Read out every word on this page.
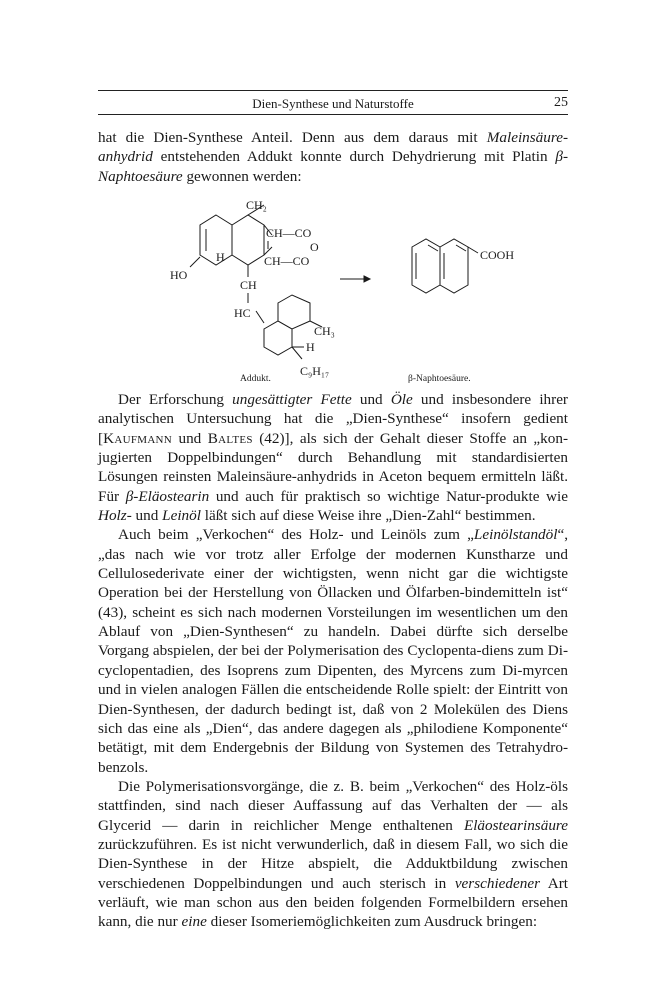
Dien-Synthese und Naturstoffe	25

hat die Dien-Synthese Anteil. Denn aus dem daraus mit Maleinsäure-anhydrid entstehenden Addukt konnte durch Dehydrierung mit Platin β-Naphtoesäure gewonnen werden:

CH₂
CH—CO
O
CH—CO
H
HO
CH
HC
CH₃
H
C₉H₁₇
COOH
Addukt.	β-Naphtoesäure.

Der Erforschung ungesättigter Fette und Öle und insbesondere ihrer analytischen Untersuchung hat die „Dien-Synthese“ insofern gedient [Kaufmann und Baltes (42)], als sich der Gehalt dieser Stoffe an „kon-jugierten Doppelbindungen“ durch Behandlung mit standardisierten Lösungen reinsten Maleinsäure-anhydrids in Aceton bequem ermitteln läßt. Für β-Eläostearin und auch für praktisch so wichtige Natur-produkte wie Holz- und Leinöl läßt sich auf diese Weise ihre „Dien-Zahl“ bestimmen.

Auch beim „Verkochen“ des Holz- und Leinöls zum „Leinölstandöl“, „das nach wie vor trotz aller Erfolge der modernen Kunstharze und Cellulosederivate einer der wichtigsten, wenn nicht gar die wichtigste Operation bei der Herstellung von Öllacken und Ölfarben-bindemitteln ist“ (43), scheint es sich nach modernen Vorsteilungen im wesentlichen um den Ablauf von „Dien-Synthesen“ zu handeln. Dabei dürfte sich derselbe Vorgang abspielen, der bei der Polymerisation des Cyclopenta-diens zum Di-cyclopentadien, des Isoprens zum Dipenten, des Myrcens zum Di-myrcen und in vielen analogen Fällen die entscheidende Rolle spielt: der Eintritt von Dien-Synthesen, der dadurch bedingt ist, daß von 2 Molekülen des Diens sich das eine als „Dien“, das andere dagegen als „philodiene Komponente“ betätigt, mit dem Endergebnis der Bildung von Systemen des Tetrahydro-benzols.

Die Polymerisationsvorgänge, die z. B. beim „Verkochen“ des Holz-öls stattfinden, sind nach dieser Auffassung auf das Verhalten der — als Glycerid — darin in reichlicher Menge enthaltenen Eläostearinsäure zurückzuführen. Es ist nicht verwunderlich, daß in diesem Fall, wo sich die Dien-Synthese in der Hitze abspielt, die Adduktbildung zwischen verschiedenen Doppelbindungen und auch sterisch in verschiedener Art verläuft, wie man schon aus den beiden folgenden Formelbildern ersehen kann, die nur eine dieser Isomeriemöglichkeiten zum Ausdruck bringen:
